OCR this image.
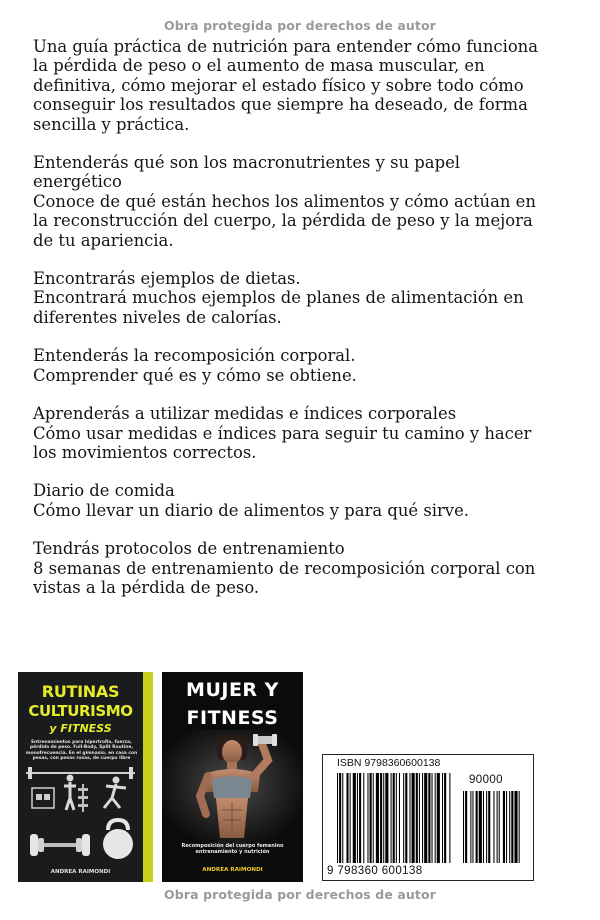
Obra protegida por derechos de autor

Una guía práctica de nutrición para entender cómo funciona
la pérdida de peso o el aumento de masa muscular, en
definitiva, cómo mejorar el estado físico y sobre todo cómo
conseguir los resultados que siempre ha deseado, de forma
sencilla y práctica.

Entenderás qué son los macronutrientes y su papel
energético
Conoce de qué están hechos los alimentos y cómo actúan en
la reconstrucción del cuerpo, la pérdida de peso y la mejora
de tu apariencia.

Encontrarás ejemplos de dietas.
Encontrará muchos ejemplos de planes de alimentación en
diferentes niveles de calorías.

Entenderás la recomposición corporal.
Comprender qué es y cómo se obtiene.

Aprenderás a utilizar medidas e índices corporales
Cómo usar medidas e índices para seguir tu camino y hacer
los movimientos correctos.

Diario de comida
Cómo llevar un diario de alimentos y para qué sirve.

Tendrás protocolos de entrenamiento
8 semanas de entrenamiento de recomposición corporal con
vistas a la pérdida de peso.

RUTINAS
CULTURISMO
y FITNESS
Entrenamientos para hipertrofia, fuerza, pérdida de peso. Full-Body, Split Routine, monofrecuencia. En el gimnasio, en casa con pesas, con pesas rusas, de cuerpo libre
ANDREA RAIMONDI
MUJER Y
FITNESS
Recomposición del cuerpo femenino entrenamiento y nutrición
ANDREA RAIMONDI
ISBN 9798360600138
90000
9 798360 600138
Obra protegida por derechos de autor
